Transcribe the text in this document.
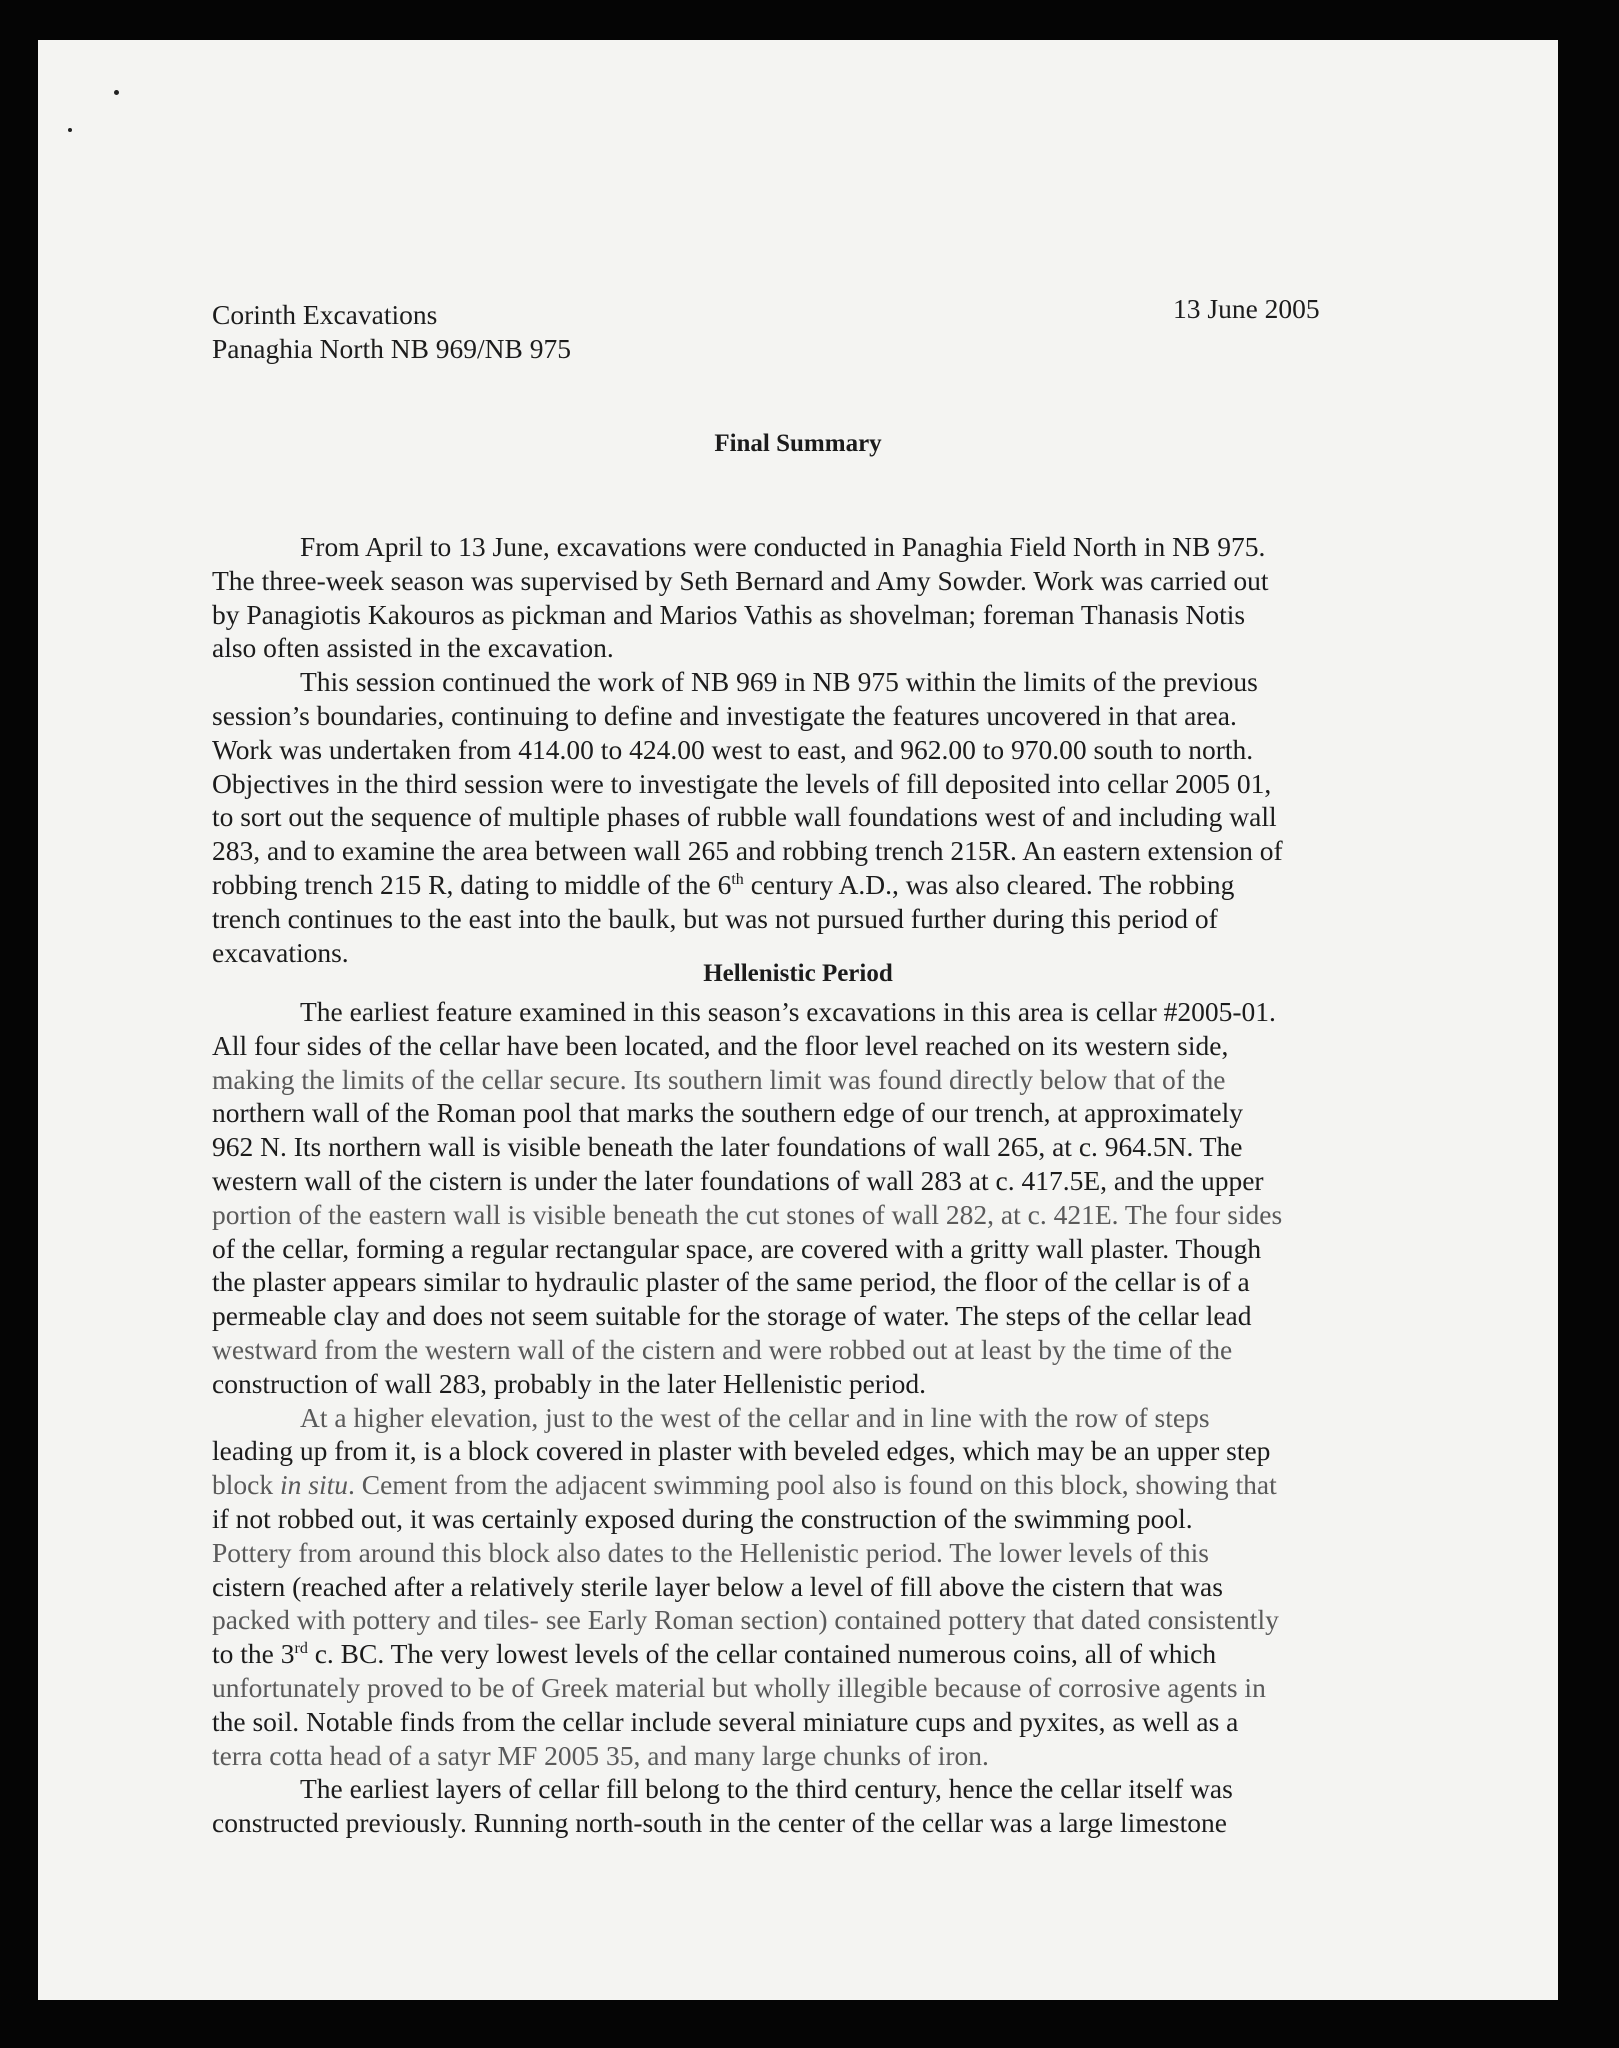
Corinth Excavations
Panaghia North NB 969/NB 975
13 June 2005
Final Summary
From April to 13 June, excavations were conducted in Panaghia Field North in NB 975.
The three-week season was supervised by Seth Bernard and Amy Sowder. Work was carried out
by Panagiotis Kakouros as pickman and Marios Vathis as shovelman; foreman Thanasis Notis
also often assisted in the excavation.
This session continued the work of NB 969 in NB 975 within the limits of the previous
session’s boundaries, continuing to define and investigate the features uncovered in that area.
Work was undertaken from 414.00 to 424.00 west to east, and 962.00 to 970.00 south to north.
Objectives in the third session were to investigate the levels of fill deposited into cellar 2005 01,
to sort out the sequence of multiple phases of rubble wall foundations west of and including wall
283, and to examine the area between wall 265 and robbing trench 215R. An eastern extension of
robbing trench 215 R, dating to middle of the 6th century A.D., was also cleared. The robbing
trench continues to the east into the baulk, but was not pursued further during this period of
excavations.
Hellenistic Period
The earliest feature examined in this season’s excavations in this area is cellar #2005-01.
All four sides of the cellar have been located, and the floor level reached on its western side,
making the limits of the cellar secure. Its southern limit was found directly below that of the
northern wall of the Roman pool that marks the southern edge of our trench, at approximately
962 N. Its northern wall is visible beneath the later foundations of wall 265, at c. 964.5N. The
western wall of the cistern is under the later foundations of wall 283 at c. 417.5E, and the upper
portion of the eastern wall is visible beneath the cut stones of wall 282, at c. 421E. The four sides
of the cellar, forming a regular rectangular space, are covered with a gritty wall plaster. Though
the plaster appears similar to hydraulic plaster of the same period, the floor of the cellar is of a
permeable clay and does not seem suitable for the storage of water. The steps of the cellar lead
westward from the western wall of the cistern and were robbed out at least by the time of the
construction of wall 283, probably in the later Hellenistic period.
At a higher elevation, just to the west of the cellar and in line with the row of steps
leading up from it, is a block covered in plaster with beveled edges, which may be an upper step
block in situ. Cement from the adjacent swimming pool also is found on this block, showing that
if not robbed out, it was certainly exposed during the construction of the swimming pool.
Pottery from around this block also dates to the Hellenistic period. The lower levels of this
cistern (reached after a relatively sterile layer below a level of fill above the cistern that was
packed with pottery and tiles- see Early Roman section) contained pottery that dated consistently
to the 3rd c. BC. The very lowest levels of the cellar contained numerous coins, all of which
unfortunately proved to be of Greek material but wholly illegible because of corrosive agents in
the soil. Notable finds from the cellar include several miniature cups and pyxites, as well as a
terra cotta head of a satyr MF 2005 35, and many large chunks of iron.
The earliest layers of cellar fill belong to the third century, hence the cellar itself was
constructed previously. Running north-south in the center of the cellar was a large limestone
